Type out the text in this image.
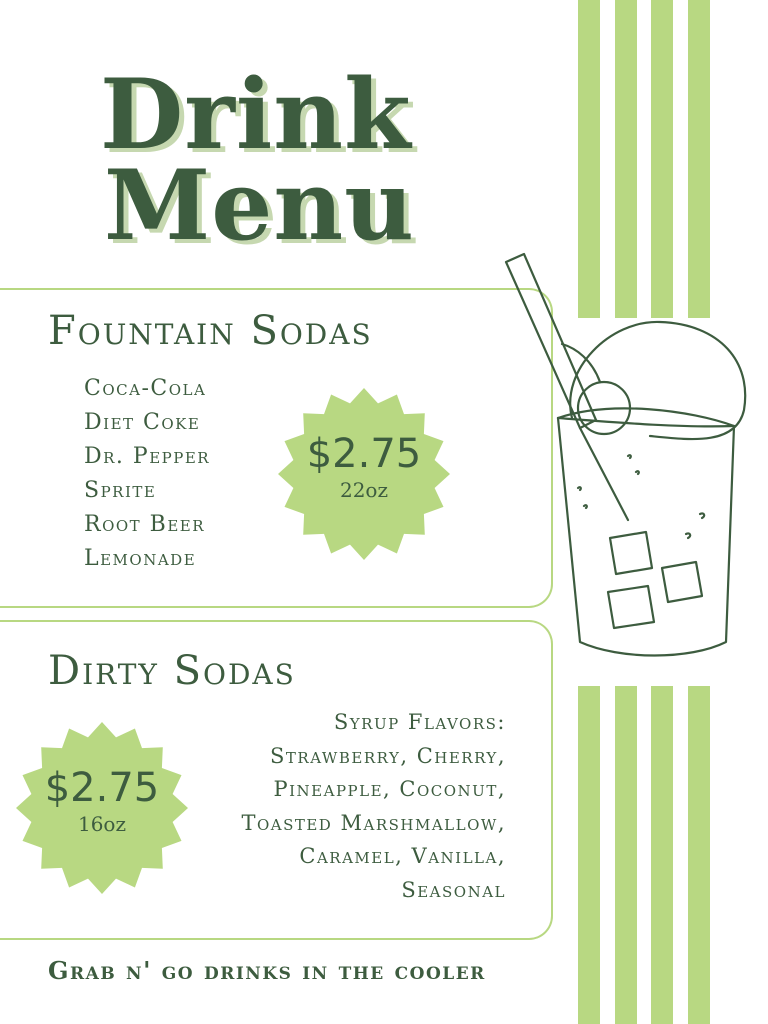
Drink
Menu
Fountain Sodas
Coca-Cola
Diet Coke
Dr. Pepper
Sprite
Root Beer
Lemonade
$2.75
22oz
Dirty Sodas
Syrup Flavors:
Strawberry, Cherry,
Pineapple, Coconut,
Toasted Marshmallow,
Caramel, Vanilla,
Seasonal
$2.75
16oz
Grab n' go drinks in the cooler
